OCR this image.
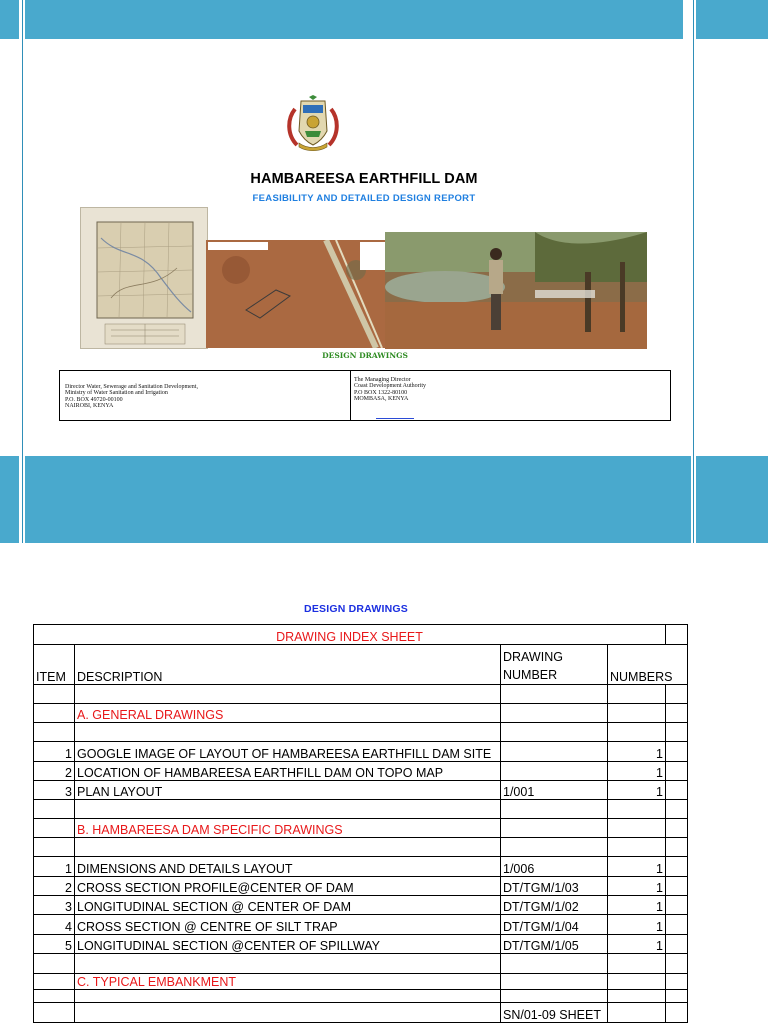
HAMBAREESA EARTHFILL DAM
FEASIBILITY AND DETAILED DESIGN REPORT
DESIGN DRAWINGS
Director Water, Sewerage and Sanitation Development,
Ministry of Water Sanitation and Irrigation
P.O. BOX 49720-00100
NAIROBI, KENYA
The Managing Director
Coast Development Authority
P.O BOX 1322-80100
MOMBASA, KENYA
DESIGN DRAWINGS
DRAWING INDEX SHEET				
ITEM	DESCRIPTION	DRAWING NUMBER	NUMBERS	

	A. GENERAL DRAWINGS			

1	GOOGLE IMAGE OF LAYOUT OF HAMBAREESA EARTHFILL DAM SITE		1	
2	LOCATION OF HAMBAREESA EARTHFILL DAM ON TOPO MAP		1	
3	PLAN LAYOUT	1/001	1	

	B. HAMBAREESA DAM SPECIFIC DRAWINGS			

1	DIMENSIONS AND DETAILS LAYOUT	1/006	1	
2	CROSS SECTION PROFILE@CENTER OF DAM	DT/TGM/1/03	1	
3	LONGITUDINAL SECTION @ CENTER OF DAM	DT/TGM/1/02	1	
4	CROSS SECTION @ CENTRE OF SILT TRAP	DT/TGM/1/04	1	
5	LONGITUDINAL SECTION @CENTER OF SPILLWAY	DT/TGM/1/05	1	

	C. TYPICAL EMBANKMENT			

		SN/01-09 SHEET		
